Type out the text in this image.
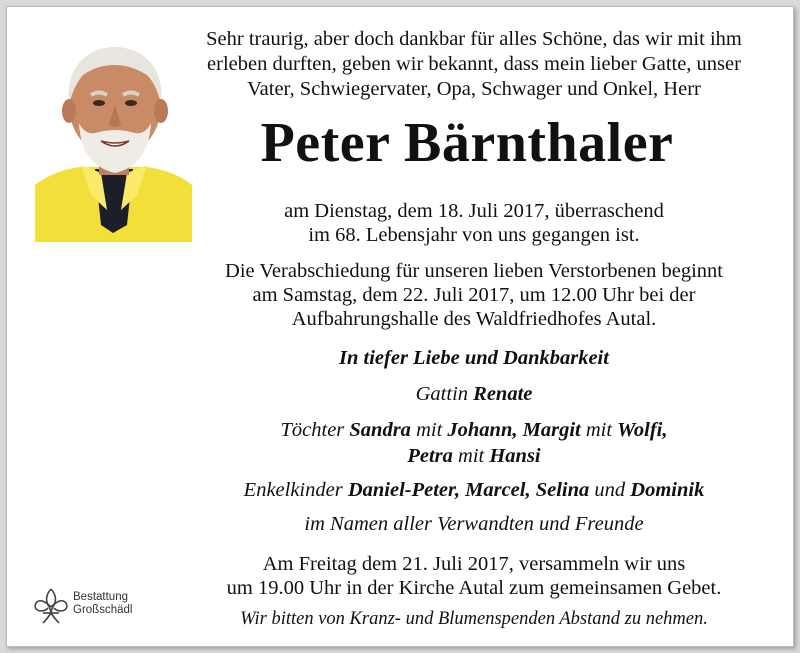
Sehr traurig, aber doch dankbar für alles Schöne, das wir mit ihm
erleben durften, geben wir bekannt, dass mein lieber Gatte, unser
Vater, Schwiegervater, Opa, Schwager und Onkel, Herr
Peter Bärnthaler
am Dienstag, dem 18. Juli 2017, überraschend
im 68. Lebensjahr von uns gegangen ist.
Die Verabschiedung für unseren lieben Verstorbenen beginnt
am Samstag, dem 22. Juli 2017, um 12.00 Uhr bei der
Aufbahrungshalle des Waldfriedhofes Autal.
In tiefer Liebe und Dankbarkeit
Gattin Renate
Töchter Sandra mit Johann, Margit mit Wolfi,
Petra mit Hansi
Enkelkinder Daniel-Peter, Marcel, Selina und Dominik
im Namen aller Verwandten und Freunde
Am Freitag dem 21. Juli 2017, versammeln wir uns
um 19.00 Uhr in der Kirche Autal zum gemeinsamen Gebet.
Wir bitten von Kranz- und Blumenspenden Abstand zu nehmen.
Bestattung
Großschädl
